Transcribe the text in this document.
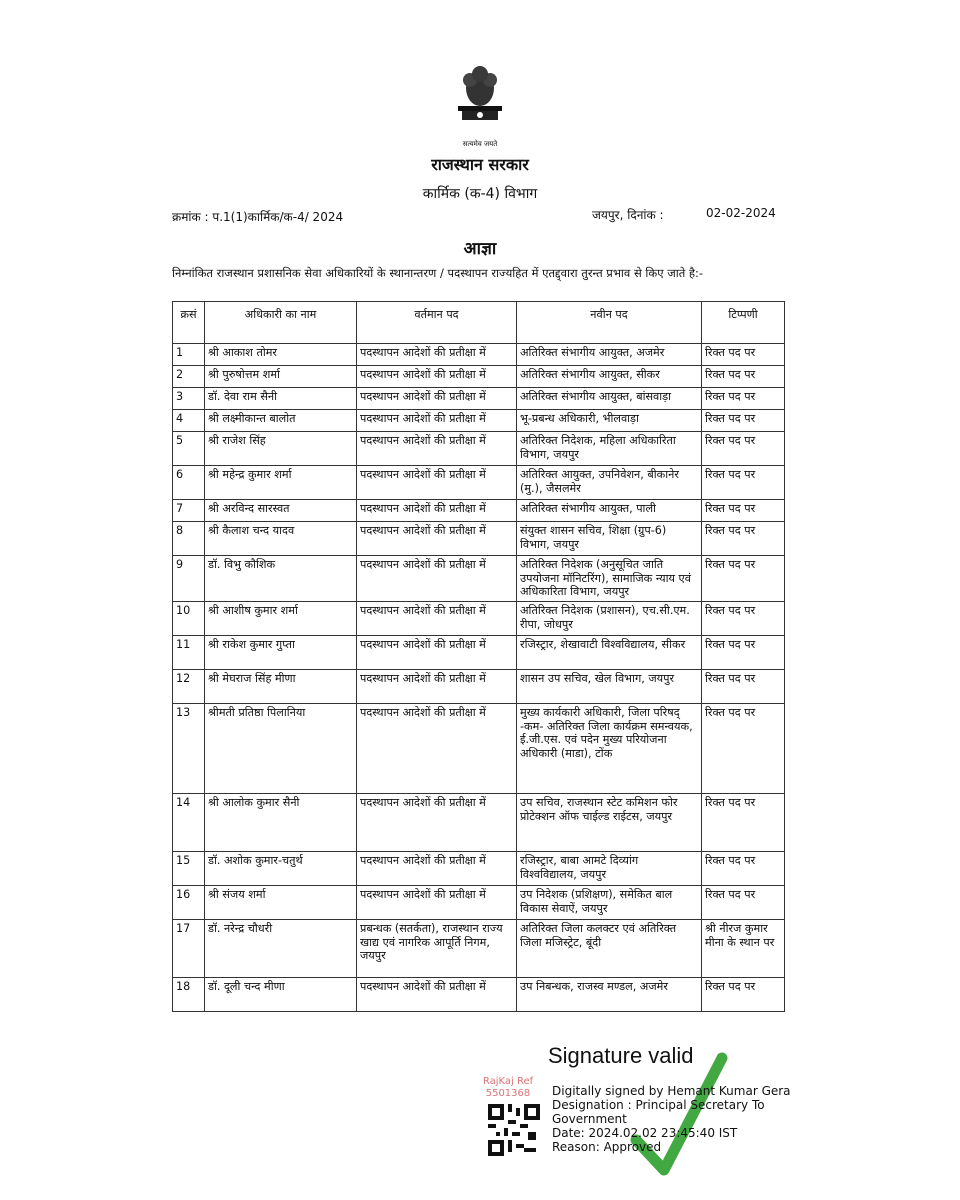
सत्यमेव जयते
राजस्थान सरकार
कार्मिक (क-4) विभाग
क्रमांक : प.1(1)कार्मिक/क-4/ 2024	जयपुर, दिनांक :	02-02-2024
आज्ञा
निम्नांकित राजस्थान प्रशासनिक सेवा अधिकारियों के स्थानान्तरण / पदस्थापन राज्यहित में एतद्द्वारा तुरन्त प्रभाव से किए जाते है:-
क्रसं	अधिकारी का नाम	वर्तमान पद	नवीन पद	टिप्पणी
1	श्री आकाश तोमर	पदस्थापन आदेशों की प्रतीक्षा में	अतिरिक्त संभागीय आयुक्त, अजमेर	रिक्त पद पर
2	श्री पुरुषोत्तम शर्मा	पदस्थापन आदेशों की प्रतीक्षा में	अतिरिक्त संभागीय आयुक्त, सीकर	रिक्त पद पर
3	डॉ. देवा राम सैनी	पदस्थापन आदेशों की प्रतीक्षा में	अतिरिक्त संभागीय आयुक्त, बांसवाड़ा	रिक्त पद पर
4	श्री लक्ष्मीकान्त बालोत	पदस्थापन आदेशों की प्रतीक्षा में	भू-प्रबन्ध अधिकारी, भीलवाड़ा	रिक्त पद पर
5	श्री राजेश सिंह	पदस्थापन आदेशों की प्रतीक्षा में	अतिरिक्त निदेशक, महिला अधिकारिता विभाग, जयपुर	रिक्त पद पर
6	श्री महेन्द्र कुमार शर्मा	पदस्थापन आदेशों की प्रतीक्षा में	अतिरिक्त आयुक्त, उपनिवेशन, बीकानेर (मु.), जैसलमेर	रिक्त पद पर
7	श्री अरविन्द सारस्वत	पदस्थापन आदेशों की प्रतीक्षा में	अतिरिक्त संभागीय आयुक्त, पाली	रिक्त पद पर
8	श्री कैलाश चन्द यादव	पदस्थापन आदेशों की प्रतीक्षा में	संयुक्त शासन सचिव, शिक्षा (ग्रुप-6) विभाग, जयपुर	रिक्त पद पर
9	डॉ. विभु कौशिक	पदस्थापन आदेशों की प्रतीक्षा में	अतिरिक्त निदेशक (अनुसूचित जाति उपयोजना मॉनिटरिंग), सामाजिक न्याय एवं अधिकारिता विभाग, जयपुर	रिक्त पद पर
10	श्री आशीष कुमार शर्मा	पदस्थापन आदेशों की प्रतीक्षा में	अतिरिक्त निदेशक (प्रशासन), एच.सी.एम. रीपा, जोधपुर	रिक्त पद पर
11	श्री राकेश कुमार गुप्ता	पदस्थापन आदेशों की प्रतीक्षा में	रजिस्ट्रार, शेखावाटी विश्वविद्यालय, सीकर	रिक्त पद पर
12	श्री मेघराज सिंह मीणा	पदस्थापन आदेशों की प्रतीक्षा में	शासन उप सचिव, खेल विभाग, जयपुर	रिक्त पद पर
13	श्रीमती प्रतिष्ठा पिलानिया	पदस्थापन आदेशों की प्रतीक्षा में	मुख्य कार्यकारी अधिकारी, जिला परिषद् -कम- अतिरिक्त जिला कार्यक्रम समन्वयक, ई.जी.एस. एवं पदेन मुख्य परियोजना अधिकारी (माडा), टोंक	रिक्त पद पर
14	श्री आलोक कुमार सैनी	पदस्थापन आदेशों की प्रतीक्षा में	उप सचिव, राजस्थान स्टेट कमिशन फोर प्रोटेक्शन ऑफ चाईल्ड राईटस, जयपुर	रिक्त पद पर
15	डॉ. अशोक कुमार-चतुर्थ	पदस्थापन आदेशों की प्रतीक्षा में	रजिस्ट्रार, बाबा आमटे दिव्यांग विश्वविद्यालय, जयपुर	रिक्त पद पर
16	श्री संजय शर्मा	पदस्थापन आदेशों की प्रतीक्षा में	उप निदेशक (प्रशिक्षण), समेकित बाल विकास सेवाऐं, जयपुर	रिक्त पद पर
17	डॉ. नरेन्द्र चौधरी	प्रबन्धक (सतर्कता), राजस्थान राज्य खाद्य एवं नागरिक आपूर्ति निगम, जयपुर	अतिरिक्त जिला कलक्टर एवं अतिरिक्त जिला मजिस्ट्रेट, बूंदी	श्री नीरज कुमार मीना के स्थान पर
18	डॉ. दूली चन्द मीणा	पदस्थापन आदेशों की प्रतीक्षा में	उप निबन्धक, राजस्व मण्डल, अजमेर	रिक्त पद पर
RajKaj Ref
5501368
Signature valid
Digitally signed by Hemant Kumar Gera
Designation : Principal Secretary To Government
Date: 2024.02.02 23:45:40 IST
Reason: Approved
